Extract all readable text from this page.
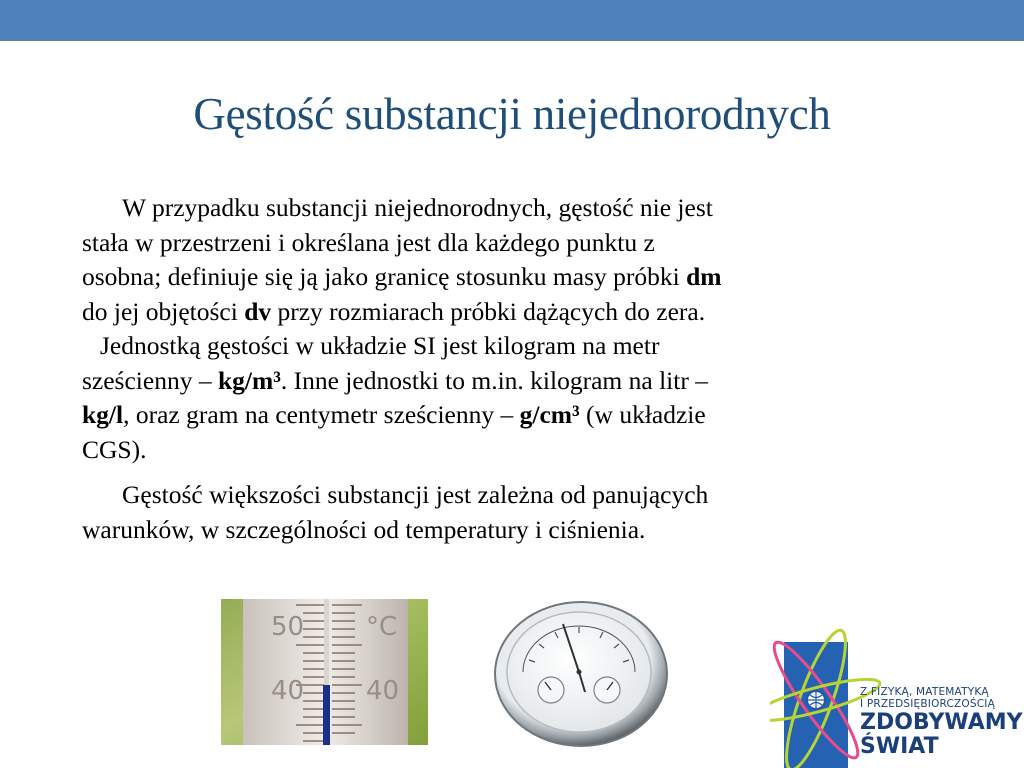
Gęstość substancji niejednorodnych

W przypadku substancji niejednorodnych, gęstość nie jest
stała w przestrzeni i określana jest dla każdego punktu z
osobna; definiuje się ją jako granicę stosunku masy próbki dm
do jej objętości dv przy rozmiarach próbki dążących do zera.
Jednostką gęstości w układzie SI jest kilogram na metr
sześcienny – kg/m³. Inne jednostki to m.in. kilogram na litr –
kg/l, oraz gram na centymetr sześcienny – g/cm³ (w układzie
CGS).

Gęstość większości substancji jest zależna od panujących
warunków, w szczególności od temperatury i ciśnienia.

50 °C
40 40	Z FIZYKĄ, MATEMATYKĄ
I PRZEDSIĘBIORCZOŚCIĄ
ZDOBYWAMY
ŚWIAT
